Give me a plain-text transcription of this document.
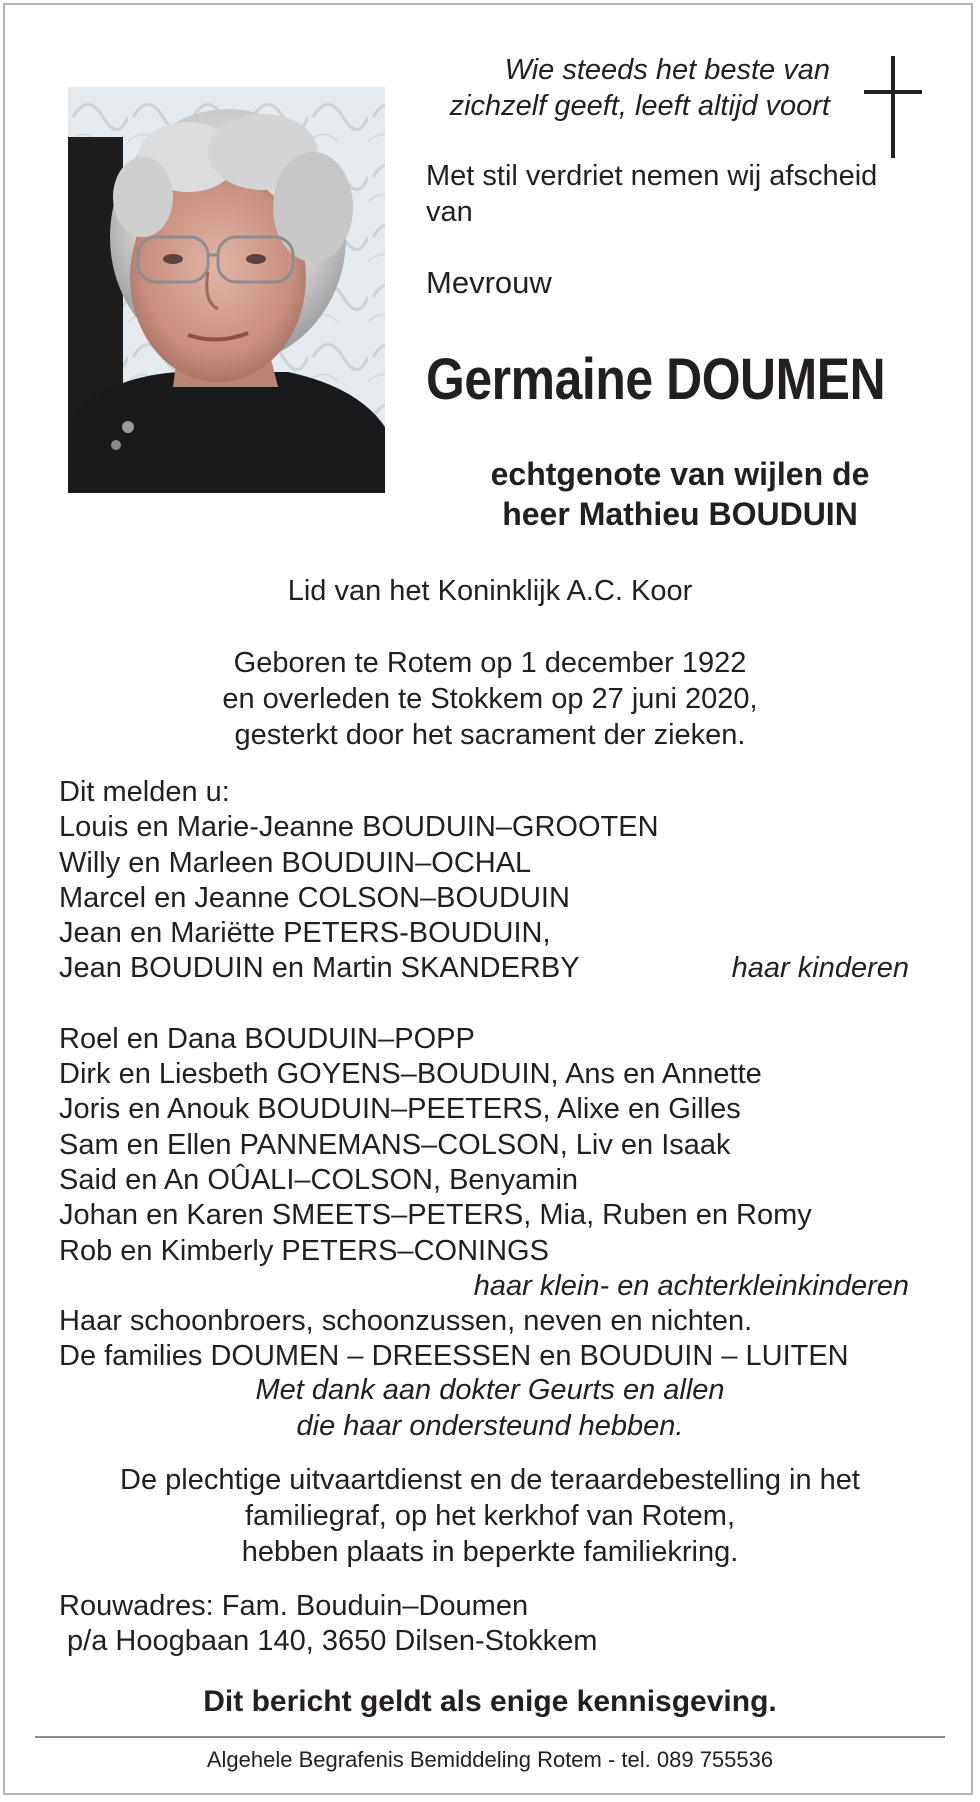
Wie steeds het beste van
zichzelf geeft, leeft altijd voort
Met stil verdriet nemen wij afscheid van
Mevrouw
Germaine DOUMEN
echtgenote van wijlen de
heer Mathieu BOUDUIN
Lid van het Koninklijk A.C. Koor
Geboren te Rotem op 1 december 1922
en overleden te Stokkem op 27 juni 2020,
gesterkt door het sacrament der zieken.
Dit melden u:
Louis en Marie-Jeanne BOUDUIN–GROOTEN
Willy en Marleen BOUDUIN–OCHAL
Marcel en Jeanne COLSON–BOUDUIN
Jean en Mariëtte PETERS-BOUDUIN,
Jean BOUDUIN en Martin SKANDERBY	haar kinderen
Roel en Dana BOUDUIN–POPP
Dirk en Liesbeth GOYENS–BOUDUIN, Ans en Annette
Joris en Anouk BOUDUIN–PEETERS, Alixe en Gilles
Sam en Ellen PANNEMANS–COLSON, Liv en Isaak
Said en An OÛALI–COLSON, Benyamin
Johan en Karen SMEETS–PETERS, Mia, Ruben en Romy
Rob en Kimberly PETERS–CONINGS
haar klein- en achterkleinkinderen
Haar schoonbroers, schoonzussen, neven en nichten.
De families DOUMEN – DREESSEN en BOUDUIN – LUITEN
Met dank aan dokter Geurts en allen
die haar ondersteund hebben.
De plechtige uitvaartdienst en de teraardebestelling in het
familiegraf, op het kerkhof van Rotem,
hebben plaats in beperkte familiekring.
Rouwadres: Fam. Bouduin–Doumen
p/a Hoogbaan 140, 3650 Dilsen-Stokkem
Dit bericht geldt als enige kennisgeving.
Algehele Begrafenis Bemiddeling Rotem - tel. 089 755536
